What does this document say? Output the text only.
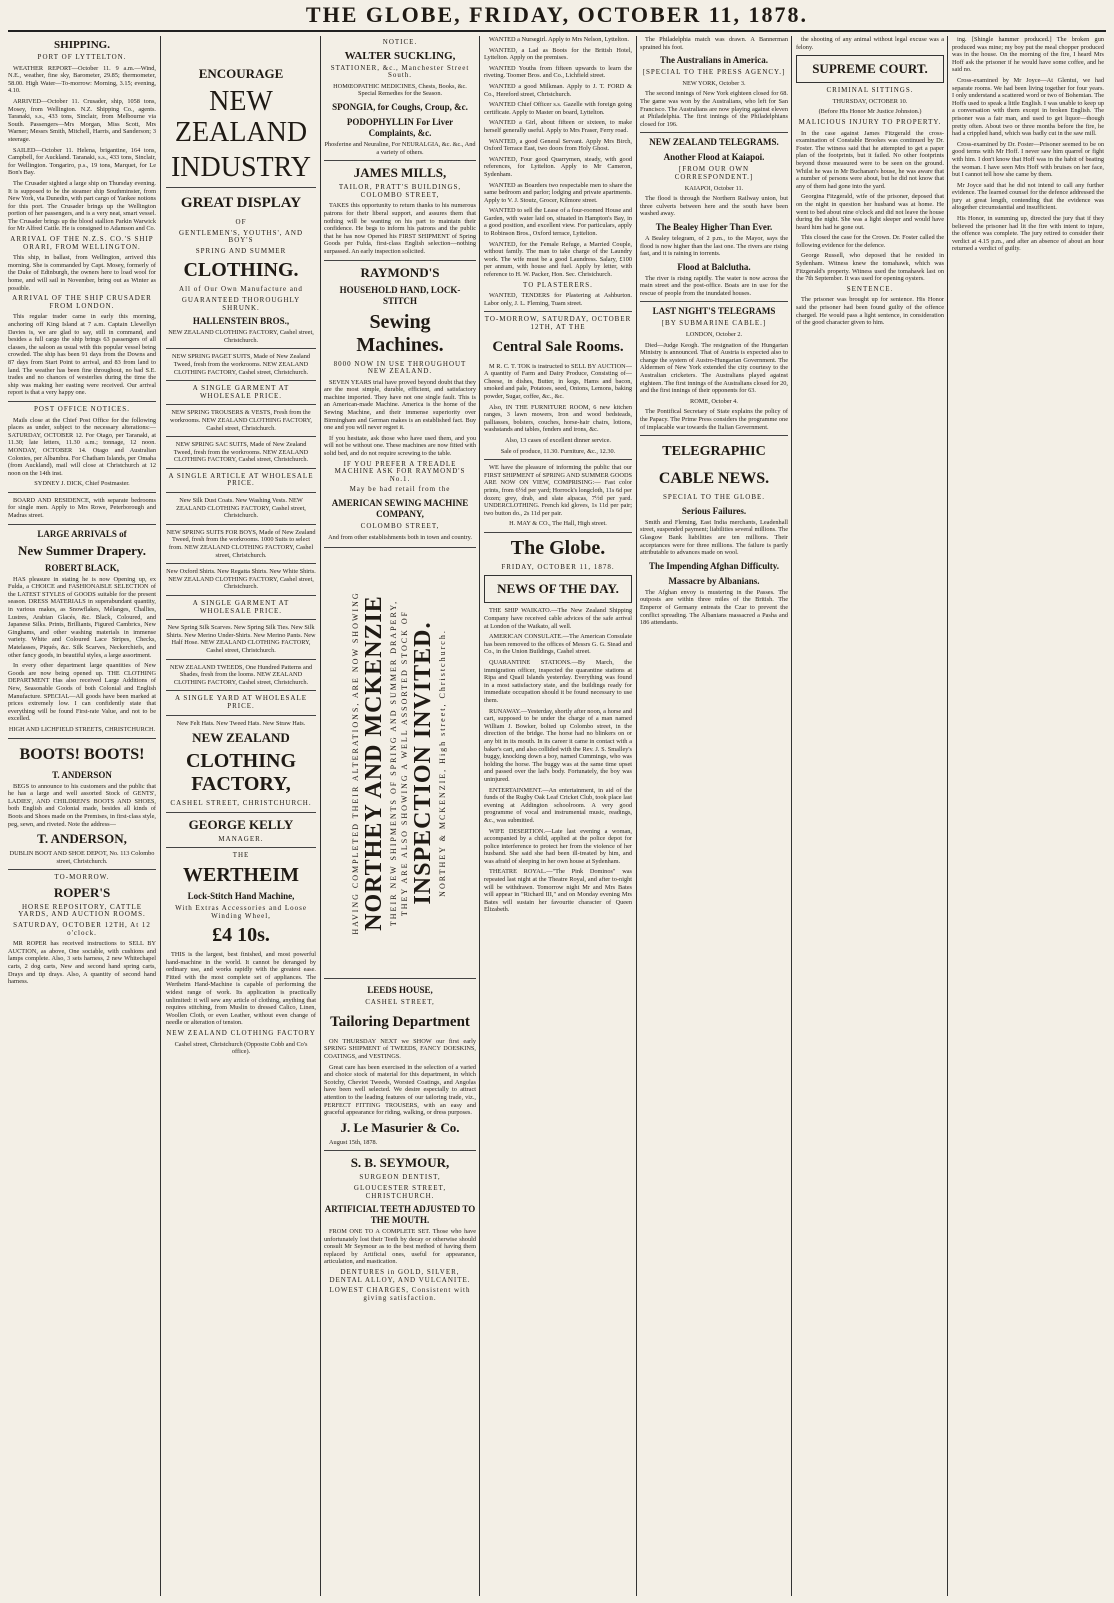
THE GLOBE, FRIDAY, OCTOBER 11, 1878.
SHIPPING.
PORT OF LYTTELTON.

WEATHER REPORT—October 11. 9 a.m.—Wind, N.E., weather, fine sky, Barometer, 29.85; thermometer, 58.00. High Water—To-morrow: Morning, 3.15; evening, 4.10.

ARRIVED—October 11. Crusader, ship, 1058 tons, Mosey, from Wellington. N.Z. Shipping Co., agents. Taranaki, s.s., 433 tons, Sinclair, from Melbourne via South. Passengers—Mrs Morgan, Miss Scott, Mrs Warner; Messrs Smith, Mitchell, Harris, and Sanderson; 3 steerage.

SAILED—October 11. Helena, brigantine, 164 tons, Campbell, for Auckland. Taranaki, s.s., 433 tons, Sinclair, for Wellington. Tongariro, p.s., 19 tons, Marquet, for Le Bon's Bay.

The Crusader sighted a large ship on Thursday evening. It is supposed to be the steamer ship Southminster, from New York, via Dunedin, with part cargo of Yankee notions for this port. The Crusader brings up the Wellington portion of her passengers, and is a very neat, smart vessel. The Crusader brings up the blood stallion Parkin Warwick for Mr Alfred Cattle. He is consigned to Adamson and Co.

ARRIVAL OF THE N.Z.S. CO.'S SHIP ORARI, FROM WELLINGTON.

This ship, in ballast, from Wellington, arrived this morning. She is commanded by Capt. Mosey, formerly of the Duke of Edinburgh, the owners here to load wool for home, and will sail in November, bring out as Winter as possible.

ARRIVAL OF THE SHIP CRUSADER FROM LONDON.

This regular trader came in early this morning, anchoring off King Island at 7 a.m. Captain Llewellyn Davies is, we are glad to say, still in command, and besides a full cargo the ship brings 63 passengers of all classes, the saloon as usual with this popular vessel being crowded. The ship has been 91 days from the Downs and 87 days from Start Point to arrival, and 83 from land to land. The weather has been fine throughout, no bad S.E. trades and no chances of westerlies during the time the ship was making her easting were received. Our arrival report is that a very happy one.

POST OFFICE NOTICES.

Mails close at the Chief Post Office for the following places as under, subject to the necessary alterations:— SATURDAY, OCTOBER 12. For Otago, per Taranaki, at 11.30; late letters, 11.30 a.m.; tonnage, 12 noon. MONDAY, OCTOBER 14. Otago and Australian Colonies, per Albambra. For Chatham Islands, per Omaha (from Auckland), mail will close at Christchurch at 12 noon on the 14th inst.

SYDNEY J. DICK, Chief Postmaster.

BOARD AND RESIDENCE, with separate bedrooms for single men. Apply to Mrs Rowe, Peterborough and Madras street.

LARGE ARRIVALS of
New Summer Drapery.
ROBERT BLACK,

HAS pleasure in stating he is now Opening up, ex Fulda, a CHOICE and FASHIONABLE SELECTION of the LATEST STYLES of GOODS suitable for the present season. DRESS MATERIALS in superabundant quantity, in various makes, as Snowflakes, Mélanges, Challies, Lustres, Arabian Glacés, &c. Black, Coloured, and Japanese Silks. Prints, Brilliants, Figured Cambrics, New Ginghams, and other washing materials in immense variety. White and Coloured Lace Stripes, Checks, Matelasses, Piqués, &c. Silk Scarves, Neckerchiefs, and other fancy goods, in beautiful styles, a large assortment.

In every other department large quantities of New Goods are now being opened up. THE CLOTHING DEPARTMENT Has also received Large Additions of New, Seasonable Goods of both Colonial and English Manufacture. SPECIAL—All goods have been marked at prices extremely low. I can confidently state that everything will be found First-rate Value, and not to be excelled.

HIGH AND LICHFIELD STREETS, CHRISTCHURCH.

BOOTS! BOOTS!
T. ANDERSON

BEGS to announce to his customers and the public that he has a large and well assorted Stock of GENTS', LADIES', AND CHILDREN'S BOOTS AND SHOES, both English and Colonial made, besides all kinds of Boots and Shoes made on the Premises, in first-class style, peg, sewn, and riveted. Note the address—

T. ANDERSON,

DUBLIN BOOT AND SHOE DEPOT, No. 113 Colombo street, Christchurch.

TO-MORROW.
ROPER'S
HORSE REPOSITORY, CATTLE YARDS, AND AUCTION ROOMS.
SATURDAY, OCTOBER 12TH, At 12 o'clock.

MR ROPER has received instructions to SELL BY AUCTION, as above, One sociable, with cushions and lamps complete. Also, 3 sets harness, 2 new Whitechapel carts, 2 dog carts, New and second hand spring carts, Drays and tip drays. Also, A quantity of second hand harness.

ENCOURAGE
NEW ZEALAND
INDUSTRY
GREAT DISPLAY
OF
GENTLEMEN'S, YOUTHS', AND BOY'S
SPRING AND SUMMER
CLOTHING.
All of Our Own Manufacture and
GUARANTEED THOROUGHLY SHRUNK.
HALLENSTEIN BROS.,

NEW ZEALAND CLOTHING FACTORY, Cashel street, Christchurch.

NEW SPRING PAGET SUITS, Made of New Zealand Tweed, fresh from the workrooms. NEW ZEALAND CLOTHING FACTORY, Cashel street, Christchurch.

A SINGLE GARMENT AT WHOLESALE PRICE.

NEW SPRING TROUSERS & VESTS, Fresh from the workrooms. NEW ZEALAND CLOTHING FACTORY, Cashel street, Christchurch.

NEW SPRING SAC SUITS, Made of New Zealand Tweed, fresh from the workrooms. NEW ZEALAND CLOTHING FACTORY, Cashel street, Christchurch.

A SINGLE ARTICLE AT WHOLESALE PRICE.

New Silk Dust Coats. New Washing Vests. NEW ZEALAND CLOTHING FACTORY, Cashel street, Christchurch.

NEW SPRING SUITS FOR BOYS, Made of New Zealand Tweed, fresh from the workrooms. 1000 Suits to select from. NEW ZEALAND CLOTHING FACTORY, Cashel street, Christchurch.

New Oxford Shirts. New Regatta Shirts. New White Shirts. NEW ZEALAND CLOTHING FACTORY, Cashel street, Christchurch.

A SINGLE GARMENT AT WHOLESALE PRICE.

New Spring Silk Scarves. New Spring Silk Ties. New Silk Shirts. New Merino Under-Shirts. New Merino Pants. New Half Hose. NEW ZEALAND CLOTHING FACTORY, Cashel street, Christchurch.

NEW ZEALAND TWEEDS, One Hundred Patterns and Shades, fresh from the looms. NEW ZEALAND CLOTHING FACTORY, Cashel street, Christchurch.

A SINGLE YARD AT WHOLESALE PRICE.

New Felt Hats. New Tweed Hats. New Straw Hats.

NEW ZEALAND
CLOTHING FACTORY,
CASHEL STREET, CHRISTCHURCH.
GEORGE KELLY
MANAGER.
THE
WERTHEIM
Lock-Stitch Hand Machine,
With Extras Accessories and Loose Winding Wheel,
£4 10s.

THIS is the largest, best finished, and most powerful hand-machine in the world. It cannot be deranged by ordinary use, and works rapidly with the greatest ease. Fitted with the most complete set of appliances. The Wertheim Hand-Machine is capable of performing the widest range of work. Its application is practically unlimited: it will sew any article of clothing, anything that requires stitching, from Muslin to dressed Calico, Linen, Woollen Cloth, or even Leather, without even change of needle or alteration of tension.

NEW ZEALAND CLOTHING FACTORY

Cashel street, Christchurch (Opposite Cobb and Co's office).

NOTICE.
WALTER SUCKLING,
STATIONER, &c., Manchester Street South.

HOMŒOPATHIC MEDICINES, Chests, Books, &c. Special Remedies for the Season.

SPONGIA, for Coughs, Croup, &c.
PODOPHYLLIN For Liver Complaints, &c.

Phosferine and Neuraline, For NEURALGIA, &c. &c., And a variety of others.

JAMES MILLS,
TAILOR, PRATT'S BUILDINGS, COLOMBO STREET,

TAKES this opportunity to return thanks to his numerous patrons for their liberal support, and assures them that nothing will be wanting on his part to maintain their confidence. He begs to inform his patrons and the public that he has now Opened his FIRST SHIPMENT of Spring Goods per Fulda, first-class English selection—nothing surpassed. An early inspection solicited.

RAYMOND'S
HOUSEHOLD HAND, LOCK-STITCH
Sewing Machines.
8000 NOW IN USE THROUGHOUT NEW ZEALAND.

SEVEN YEARS trial have proved beyond doubt that they are the most simple, durable, efficient, and satisfactory machine imported. They have not one single fault. This is an American-made Machine. America is the home of the Sewing Machine, and their immense superiority over Birmingham and German makes is an established fact. Buy one and you will never regret it.

If you hesitate, ask those who have used them, and you will not be without one. These machines are now fitted with solid bed, and do not require screwing to the table.

IF YOU PREFER A TREADLE MACHINE ASK FOR RAYMOND'S No.1.
May be had retail from the
AMERICAN SEWING MACHINE COMPANY,
COLOMBO STREET,

And from other establishments both in town and country.

HAVING COMPLETED THEIR ALTERATIONS, ARE NOW SHOWING NORTHEY AND MCKENZIE THEIR NEW SHIPMENTS OF SPRING AND SUMMER DRAPERY, THEY ARE ALSO SHOWING A WELL ASSORTED STOCK OF INSPECTION INVITED. NORTHEY & MCKENZIE, High street, Christchurch.
LEEDS HOUSE,
CASHEL STREET,
Tailoring Department

ON THURSDAY NEXT we SHOW our first early SPRING SHIPMENT of TWEEDS, FANCY DOESKINS, COATINGS, and VESTINGS.

Great care has been exercised in the selection of a varied and choice stock of material for this department, in which Scotchy, Cheviot Tweeds, Worsted Coatings, and Angolas have been well selected. We desire especially to attract attention to the leading features of our tailoring trade, viz., PERFECT FITTING TROUSERS, with an easy and graceful appearance for riding, walking, or dress purposes.

J. Le Masurier & Co.

August 15th, 1878.

S. B. SEYMOUR,
SURGEON DENTIST,
GLOUCESTER STREET, CHRISTCHURCH.
ARTIFICIAL TEETH ADJUSTED TO THE MOUTH.

FROM ONE TO A COMPLETE SET. Those who have unfortunately lost their Teeth by decay or otherwise should consult Mr Seymour as to the best method of having them replaced by Artificial ones, useful for appearance, articulation, and mastication.

DENTURES in GOLD, SILVER, DENTAL ALLOY, AND VULCANITE.
LOWEST CHARGES, Consistent with giving satisfaction.

WANTED a Nursegirl. Apply to Mrs Nelson, Lyttelton.

WANTED, a Lad as Boots for the British Hotel, Lyttelton. Apply on the premises.

WANTED Youths from fifteen upwards to learn the riveting. Toomer Bros. and Co., Lichfield street.

WANTED a good Milkman. Apply to J. T. FORD & Co., Hereford street, Christchurch.

WANTED Chief Officer s.s. Gazelle with foreign going certificate. Apply to Master on board, Lyttelton.

WANTED a Girl, about fifteen or sixteen, to make herself generally useful. Apply to Mrs Fraser, Ferry road.

WANTED, a good General Servant. Apply Mrs Birch, Oxford Terrace East, two doors from Holy Ghost.

WANTED, Four good Quarrymen, steady, with good references, for Lyttelton. Apply to Mr Cameron, Sydenham.

WANTED as Boarders two respectable men to share the same bedroom and parlor; lodging and private apartments. Apply to V. J. Stoutz, Grocer, Kilmore street.

WANTED to sell the Lease of a four-roomed House and Garden, with water laid on, situated in Hampton's Bay, in a good position, and excellent view. For particulars, apply to Robinson Bros., Oxford terrace, Lyttelton.

WANTED, for the Female Refuge, a Married Couple, without family. The man to take charge of the Laundry work. The wife must be a good Laundress. Salary, £100 per annum, with house and fuel. Apply by letter, with reference to H. W. Packer, Hon. Sec. Christchurch.

TO PLASTERERS.

WANTED, TENDERS for Plastering at Ashburton. Labor only, J. L. Fleming, Tuam street.

TO-MORROW, SATURDAY, OCTOBER 12TH, AT THE
Central Sale Rooms.

M R. C. T. TOK is instructed to SELL BY AUCTION— A quantity of Farm and Dairy Produce, Consisting of— Cheese, in dishes, Butter, in kegs, Hams and bacon, smoked and pale, Potatoes, seed, Onions, Lemons, baking powder, Sugar, coffee, &c., &c.

Also, IN THE FURNITURE ROOM, 6 new kitchen ranges, 3 lawn mowers, Iron and wood bedsteads, palliasses, bolsters, couches, horse-hair chairs, lotions, washstands and tables, fenders and irons, &c.

Also, 13 cases of excellent dinner service.

Sale of produce, 11.30. Furniture, &c., 12.30.

WE have the pleasure of informing the public that our FIRST SHIPMENT of SPRING AND SUMMER GOODS ARE NOW ON VIEW, COMPRISING:— Fast color prints, from 6½d per yard; Horrock's longcloth, 11s 6d per dozen; grey, drab, and slate alpacas, 7½d per yard. UNDERCLOTHING. French kid gloves, 1s 11d per pair; two button do., 2s 11d per pair.

H. MAY & CO., The Hall, High street.

The Globe.
FRIDAY, OCTOBER 11, 1878.
NEWS OF THE DAY.

THE SHIP WAIKATO.—The New Zealand Shipping Company have received cable advices of the safe arrival at London of the Waikato, all well.

AMERICAN CONSULATE.—The American Consulate has been removed to the offices of Messrs G. G. Stead and Co., in the Union Buildings, Cashel street.

QUARANTINE STATIONS.—By March, the immigration officer, inspected the quarantine stations at Ripa and Quail Islands yesterday. Everything was found in a most satisfactory state, and the buildings ready for immediate occupation should it be found necessary to use them.

RUNAWAY.—Yesterday, shortly after noon, a horse and cart, supposed to be under the charge of a man named William J. Bowker, bolted up Colombo street, in the direction of the bridge. The horse had no blinkers on or any bit in its mouth. In its career it came in contact with a baker's cart, and also collided with the Rev. J. S. Smalley's buggy, knocking down a boy, named Cummings, who was holding the horse. The buggy was at the same time upset and passed over the lad's body. Fortunately, the boy was uninjured.

ENTERTAINMENT.—An entertainment, in aid of the funds of the Rugby Oak Leaf Cricket Club, took place last evening at Addington schoolroom. A very good programme of vocal and instrumental music, readings, &c., was submitted.

WIFE DESERTION.—Late last evening a woman, accompanied by a child, applied at the police depot for police interference to protect her from the violence of her husband. She said she had been ill-treated by him, and was afraid of sleeping in her own house at Sydenham.

THEATRE ROYAL.—"The Pink Dominos" was repeated last night at the Theatre Royal, and after to-night will be withdrawn. Tomorrow night Mr and Mrs Bates will appear in "Richard III," and on Monday evening Mrs Bates will sustain her favourite character of Queen Elizabeth.

The Philadelphia match was drawn. A Bannerman sprained his foot.

The Australians in America.
[SPECIAL TO THE PRESS AGENCY.]

NEW YORK, October 3.

The second innings of New York eighteen closed for 68. The game was won by the Australians, who left for San Francisco. The Australians are now playing against eleven at Philadelphia. The first innings of the Philadelphians closed for 196.

NEW ZEALAND TELEGRAMS.
Another Flood at Kaiapoi.
[FROM OUR OWN CORRESPONDENT.]

KAIAPOI, October 11.

The flood is through the Northern Railway union, but three culverts between here and the south have been washed away.

The Bealey Higher Than Ever.

A Bealey telegram, of 2 p.m., to the Mayor, says the flood is now higher than the last one. The rivers are rising fast, and it is raining in torrents.

Flood at Balclutha.

The river is rising rapidly. The water is now across the main street and the post-office. Boats are in use for the rescue of people from the inundated houses.

LAST NIGHT'S TELEGRAMS
[BY SUBMARINE CABLE.]

LONDON, October 2.

Died—Judge Keogh. The resignation of the Hungarian Ministry is announced. That of Austria is expected also to change the system of Austro-Hungarian Government. The Aldermen of New York extended the city courtesy to the Australian cricketers. The Australians played against eighteen. The first innings of the Australians closed for 20, and the first innings of their opponents for 63.

ROME, October 4.

The Pontifical Secretary of State explains the policy of the Papacy. The Prime Press considers the programme one of implacable war towards the Italian Government.

TELEGRAPHIC
CABLE NEWS.
SPECIAL TO THE GLOBE.
Serious Failures.

Smith and Fleming, East India merchants, Leadenhall street, suspended payment; liabilities several millions. The Glasgow Bank liabilities are ten millions. Their acceptances were for three millions. The failure is partly attributable to advances made on wool.

The Impending Afghan Difficulty.
Massacre by Albanians.

The Afghan envoy is mustering in the Passes. The outposts are within three miles of the British. The Emperor of Germany entreats the Czar to prevent the conflict spreading. The Albanians massacred a Pasha and 186 attendants.

the shooting of any animal without legal excuse was a felony.

SUPREME COURT.
CRIMINAL SITTINGS.

THURSDAY, OCTOBER 10.

(Before His Honor Mr Justice Johnston.)

MALICIOUS INJURY TO PROPERTY.

In the case against James Fitzgerald the cross-examination of Constable Brookes was continued by Dr. Foster. The witness said that he attempted to get a paper plan of the footprints, but it failed. No other footprints beyond those measured were to be seen on the ground. Whilst he was in Mr Buchanan's house, he was aware that a number of persons were about, but he did not know that any of them had gone into the yard.

Georgina Fitzgerald, wife of the prisoner, deposed that on the night in question her husband was at home. He went to bed about nine o'clock and did not leave the house during the night. She was a light sleeper and would have heard him had he gone out.

This closed the case for the Crown. Dr. Foster called the following evidence for the defence.

George Russell, who deposed that he resided in Sydenham. Witness knew the tomahawk, which was Fitzgerald's property. Witness used the tomahawk last on the 7th September. It was used for opening oysters.

SENTENCE.

The prisoner was brought up for sentence. His Honor said the prisoner had been found guilty of the offence charged. He would pass a light sentence, in consideration of the good character given to him.

ing. [Shingle hammer produced.] The broken gun produced was mine; my boy put the meal chopper produced was in the house. On the morning of the fire, I heard Mrs Hoff ask the prisoner if he would have some coffee, and he said no.

Cross-examined by Mr Joyce—At Glentui, we had separate rooms. We had been living together for four years. I only understand a scattered word or two of Bohemian. The Hoffs used to speak a little English. I was unable to keep up a conversation with them except in broken English. The prisoner was a fair man, and used to get liquor—though pretty often. About two or three months before the fire, he had a crippled hand, which was badly cut in the saw mill.

Cross-examined by Dr. Foster—Prisoner seemed to be on good terms with Mr Hoff. I never saw him quarrel or fight with him. I don't know that Hoff was in the habit of beating the woman. I have seen Mrs Hoff with bruises on her face, but I cannot tell how she came by them.

Mr Joyce said that he did not intend to call any further evidence. The learned counsel for the defence addressed the jury at great length, contending that the evidence was altogether circumstantial and insufficient.

His Honor, in summing up, directed the jury that if they believed the prisoner had lit the fire with intent to injure, the offence was complete. The jury retired to consider their verdict at 4.15 p.m., and after an absence of about an hour returned a verdict of guilty.
